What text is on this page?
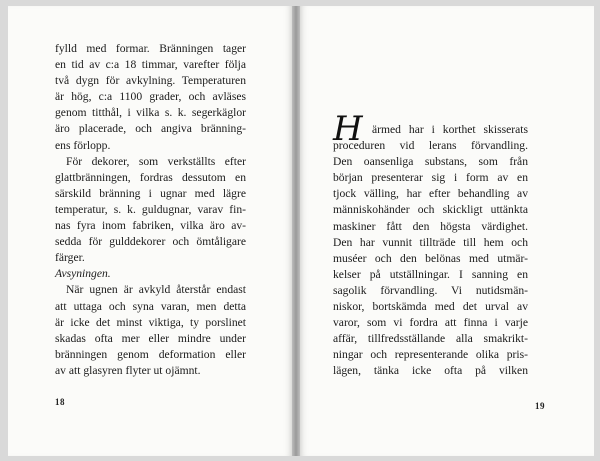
fylld med formar. Bränningen tager
en tid av c:a 18 timmar, varefter följa
två dygn för avkylning. Temperaturen
är hög, c:a 1100 grader, och avläses
genom titthål, i vilka s. k. segerkäglor
äro placerade, och angiva bränning-
ens förlopp.
För dekorer, som verkställts efter
glattbränningen, fordras dessutom en
särskild bränning i ugnar med lägre
temperatur, s. k. guldugnar, varav fin-
nas fyra inom fabriken, vilka äro av-
sedda för gulddekorer och ömtåligare
färger.
Avsyningen.
När ugnen är avkyld återstår endast
att uttaga och syna varan, men detta
är icke det minst viktiga, ty porslinet
skadas ofta mer eller mindre under
bränningen genom deformation eller
av att glasyren flyter ut ojämnt.
18
H ärmed har i korthet skisserats
proceduren vid lerans förvandling.
Den oansenliga substans, som från
början presenterar sig i form av en
tjock välling, har efter behandling av
människohänder och skickligt uttänkta
maskiner fått den högsta värdighet.
Den har vunnit tillträde till hem och
muséer och den belönas med utmär-
kelser på utställningar. I sanning en
sagolik förvandling. Vi nutidsmän-
niskor, bortskämda med det urval av
varor, som vi fordra att finna i varje
affär, tillfredsställande alla smakrikt-
ningar och representerande olika pris-
lägen, tänka icke ofta på vilken
19
